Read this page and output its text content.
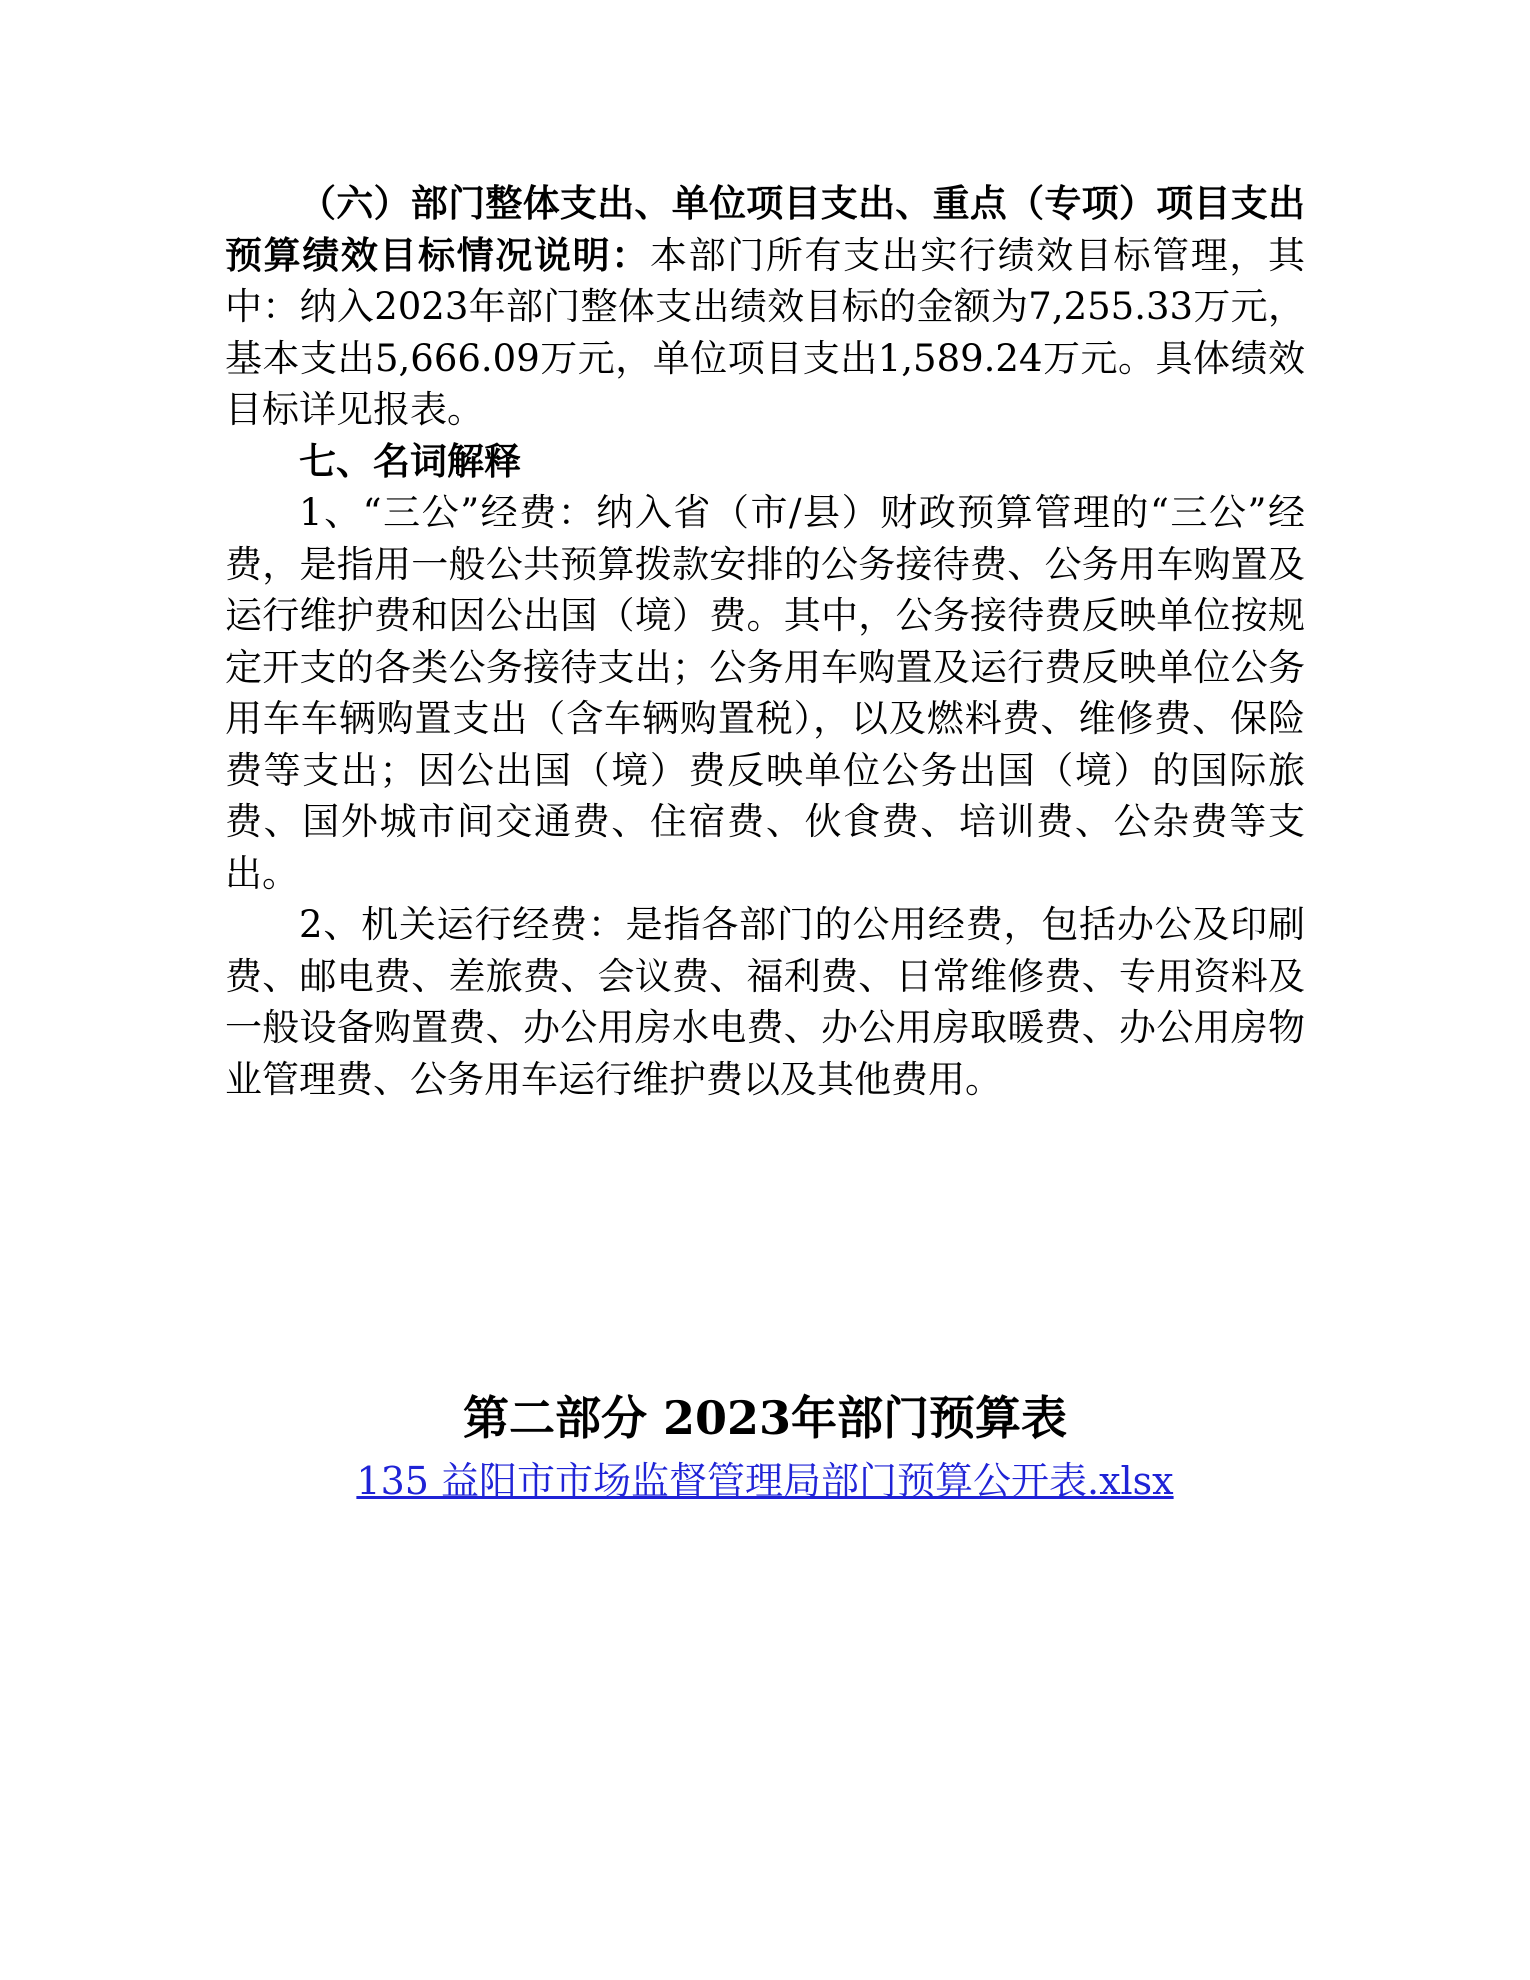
（六）部门整体支出、单位项目支出、重点（专项）项目支出预算绩效目标情况说明：本部门所有支出实行绩效目标管理，其中：纳入2023年部门整体支出绩效目标的金额为7,255.33万元，基本支出5,666.09万元，单位项目支出1,589.24万元。具体绩效目标详见报表。

七、名词解释

1、“三公”经费：纳入省（市/县）财政预算管理的“三公”经费，是指用一般公共预算拨款安排的公务接待费、公务用车购置及运行维护费和因公出国（境）费。其中，公务接待费反映单位按规定开支的各类公务接待支出；公务用车购置及运行费反映单位公务用车车辆购置支出（含车辆购置税），以及燃料费、维修费、保险费等支出；因公出国（境）费反映单位公务出国（境）的国际旅费、国外城市间交通费、住宿费、伙食费、培训费、公杂费等支出。

2、机关运行经费：是指各部门的公用经费，包括办公及印刷费、邮电费、差旅费、会议费、福利费、日常维修费、专用资料及一般设备购置费、办公用房水电费、办公用房取暖费、办公用房物业管理费、公务用车运行维护费以及其他费用。

第二部分 2023年部门预算表
135 益阳市市场监督管理局部门预算公开表.xlsx
